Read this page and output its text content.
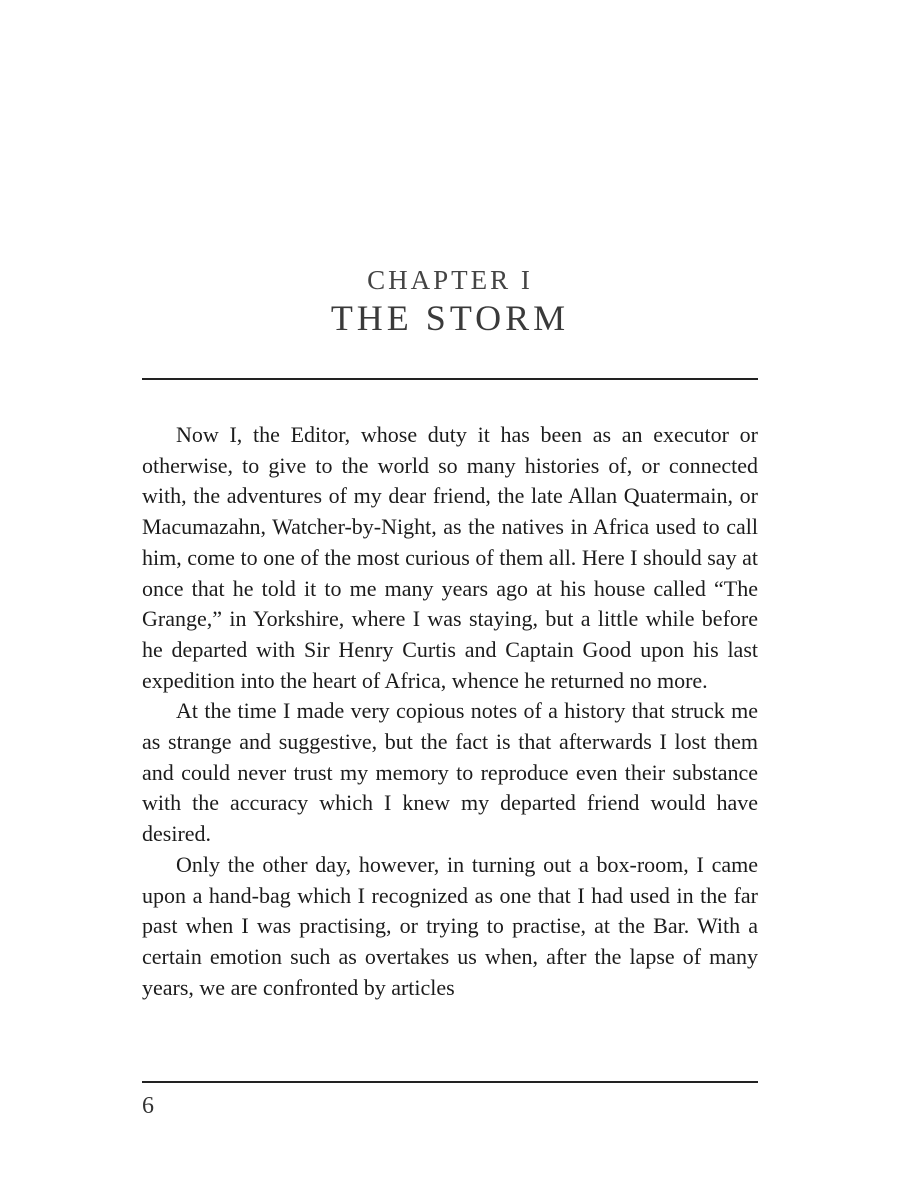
CHAPTER I
THE STORM

Now I, the Editor, whose duty it has been as an executor or otherwise, to give to the world so many histories of, or connected with, the adventures of my dear friend, the late Allan Quatermain, or Macumazahn, Watcher-by-Night, as the natives in Africa used to call him, come to one of the most curious of them all. Here I should say at once that he told it to me many years ago at his house called “The Grange,” in Yorkshire, where I was staying, but a little while before he departed with Sir Henry Curtis and Captain Good upon his last expedition into the heart of Africa, whence he returned no more.

At the time I made very copious notes of a history that struck me as strange and suggestive, but the fact is that afterwards I lost them and could never trust my memory to reproduce even their substance with the accuracy which I knew my departed friend would have desired.

Only the other day, however, in turning out a box-room, I came upon a hand-bag which I recognized as one that I had used in the far past when I was practising, or trying to practise, at the Bar. With a certain emotion such as overtakes us when, after the lapse of many years, we are confronted by articles

6
